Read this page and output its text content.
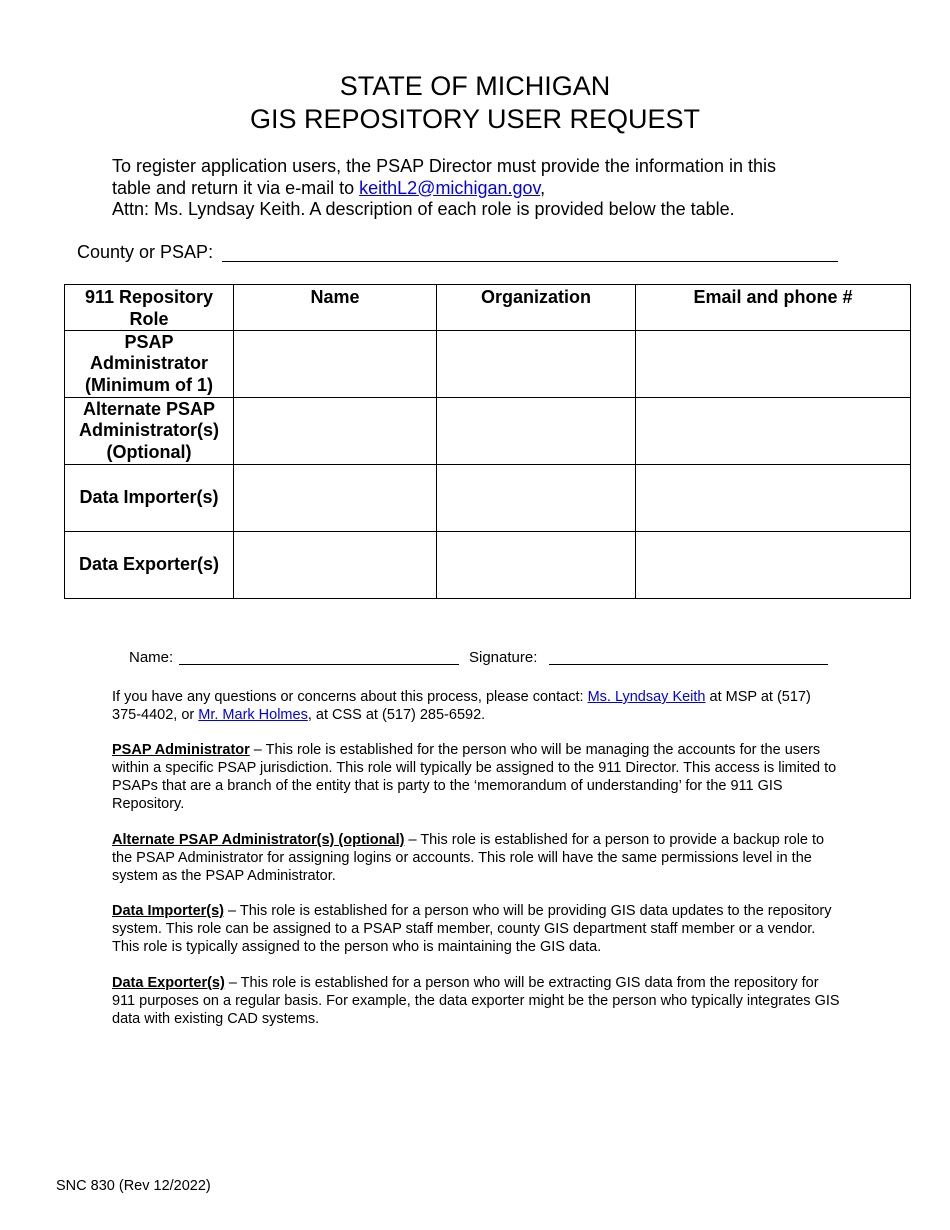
STATE OF MICHIGAN
GIS REPOSITORY USER REQUEST
To register application users, the PSAP Director must provide the information in this
table and return it via e-mail to keithL2@michigan.gov,
Attn: Ms. Lyndsay Keith. A description of each role is provided below the table.
County or PSAP:
911 Repository Role	Name	Organization	Email and phone #
PSAP Administrator (Minimum of 1)			
Alternate PSAP Administrator(s) (Optional)			
Data Importer(s)			
Data Exporter(s)			
Name:	Signature:
If you have any questions or concerns about this process, please contact: Ms. Lyndsay Keith at MSP at (517) 375-4402, or Mr. Mark Holmes, at CSS at (517) 285-6592.
PSAP Administrator – This role is established for the person who will be managing the accounts for the users within a specific PSAP jurisdiction. This role will typically be assigned to the 911 Director. This access is limited to PSAPs that are a branch of the entity that is party to the ‘memorandum of understanding’ for the 911 GIS Repository.
Alternate PSAP Administrator(s) (optional) – This role is established for a person to provide a backup role to the PSAP Administrator for assigning logins or accounts. This role will have the same permissions level in the system as the PSAP Administrator.
Data Importer(s) – This role is established for a person who will be providing GIS data updates to the repository system. This role can be assigned to a PSAP staff member, county GIS department staff member or a vendor. This role is typically assigned to the person who is maintaining the GIS data.
Data Exporter(s) – This role is established for a person who will be extracting GIS data from the repository for 911 purposes on a regular basis. For example, the data exporter might be the person who typically integrates GIS data with existing CAD systems.
SNC 830 (Rev 12/2022)
